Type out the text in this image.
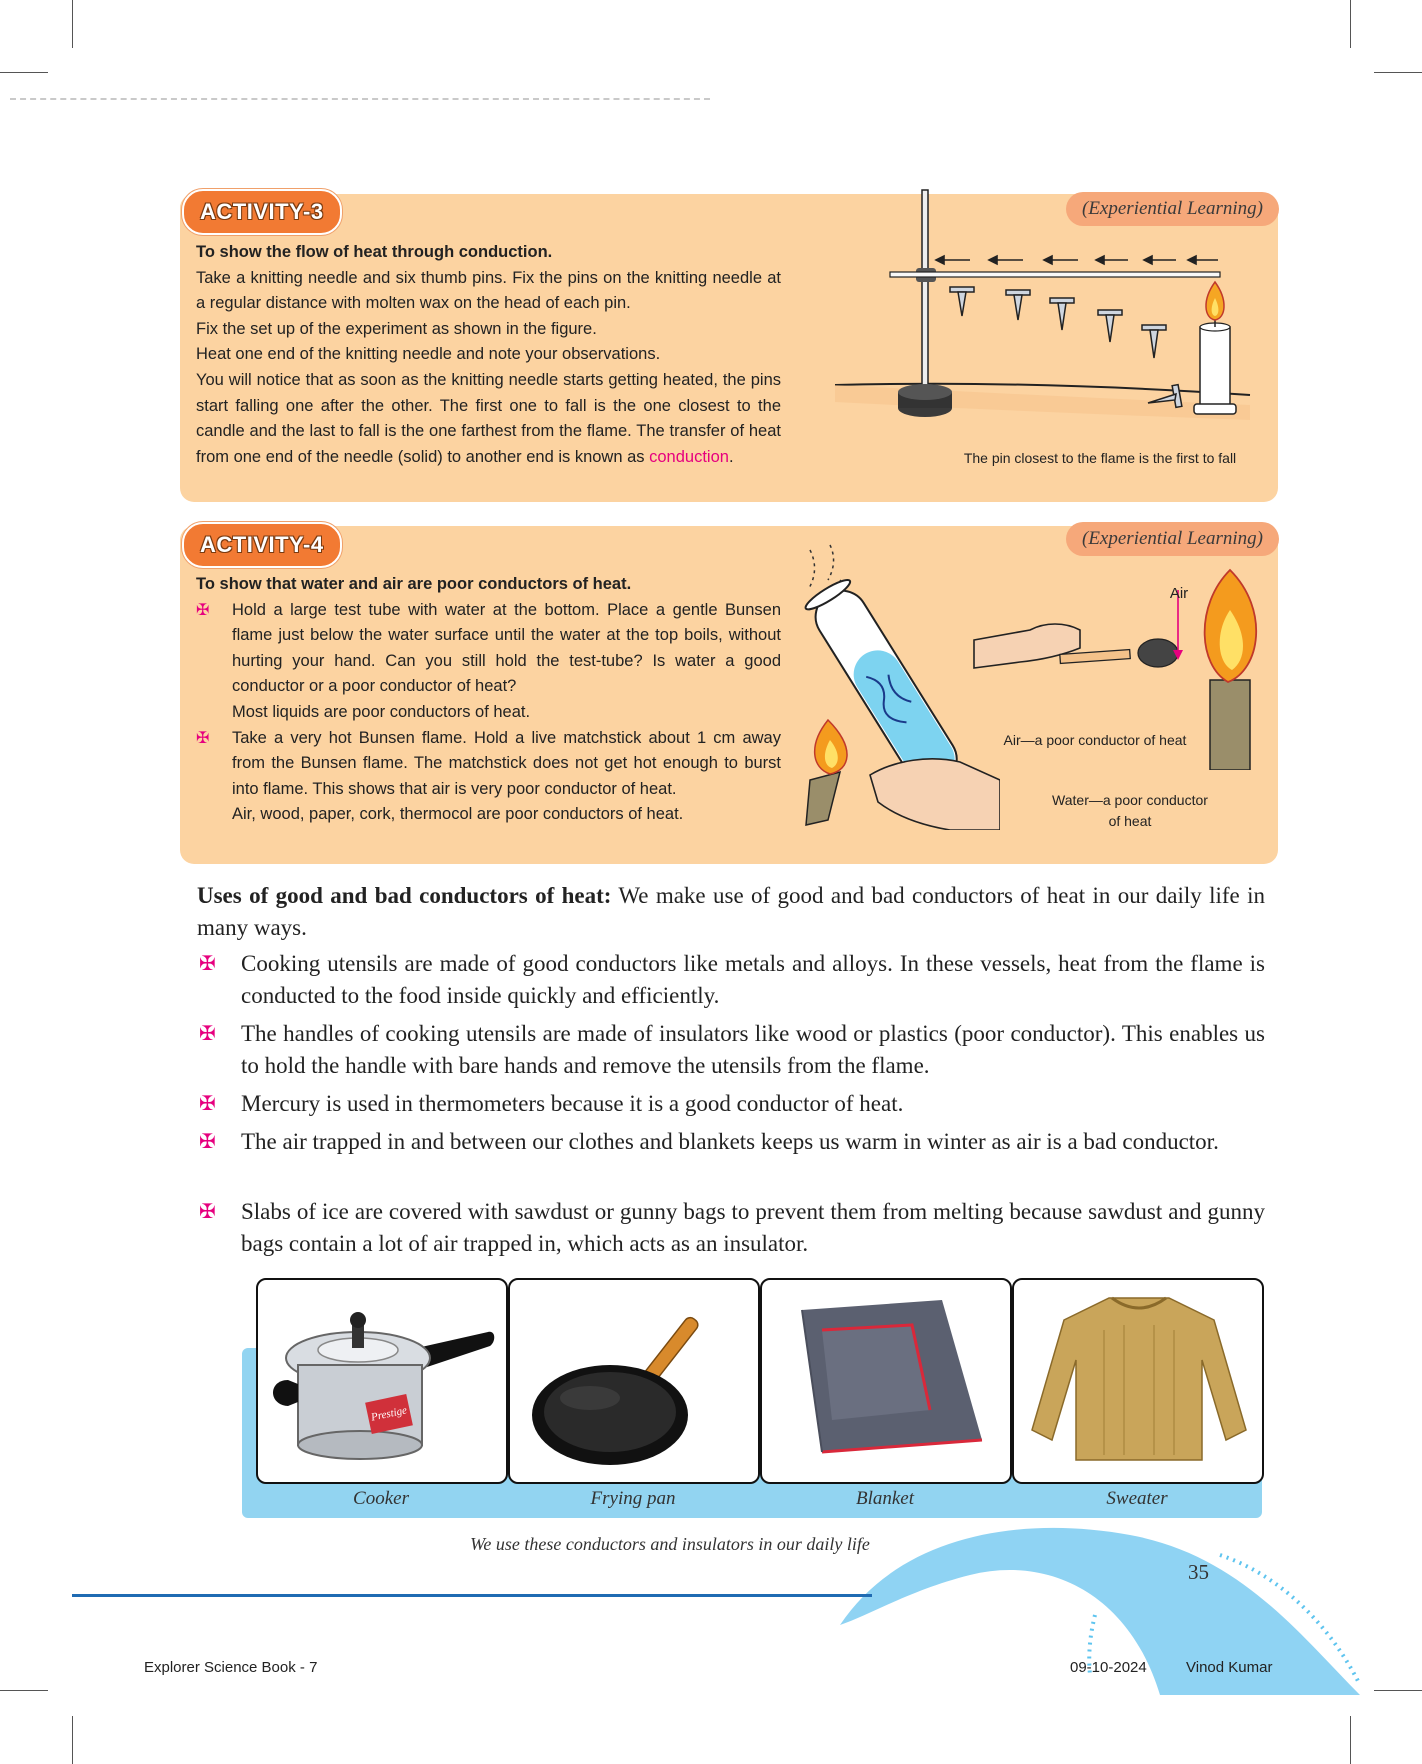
ACTIVITY-3	(Experiential Learning)

To show the flow of heat through conduction.

Take a knitting needle and six thumb pins. Fix the pins on the knitting needle at a regular distance with molten wax on the head of each pin.

Fix the set up of the experiment as shown in the figure.

Heat one end of the knitting needle and note your observations.

You will notice that as soon as the knitting needle starts getting heated, the pins start falling one after the other. The first one to fall is the one closest to the candle and the last to fall is the one farthest from the flame. The transfer of heat from one end of the needle (solid) to another end is known as conduction.	The pin closest to the flame is the first to fall
ACTIVITY-4	(Experiential Learning)

To show that water and air are poor conductors of heat.

✠ Hold a large test tube with water at the bottom. Place a gentle Bunsen flame just below the water surface until the water at the top boils, without hurting your hand. Can you still hold the test-tube? Is water a good conductor or a poor conductor of heat?

Most liquids are poor conductors of heat.

✠ Take a very hot Bunsen flame. Hold a live matchstick about 1 cm away from the Bunsen flame. The matchstick does not get hot enough to burst into flame. This shows that air is very poor conductor of heat.

Air, wood, paper, cork, thermocol are poor conductors of heat.

Air
Air—a poor conductor of heat
Water—a poor conductor
of heat
Uses of good and bad conductors of heat: We make use of good and bad conductors of heat in our daily life in many ways.
✠ Cooking utensils are made of good conductors like metals and alloys. In these vessels, heat from the flame is conducted to the food inside quickly and efficiently.
✠ The handles of cooking utensils are made of insulators like wood or plastics (poor conductor). This enables us to hold the handle with bare hands and remove the utensils from the flame.
✠ Mercury is used in thermometers because it is a good conductor of heat.
✠ The air trapped in and between our clothes and blankets keeps us warm in winter as air is a bad conductor.
✠ Slabs of ice are covered with sawdust or gunny bags to prevent them from melting because sawdust and gunny bags contain a lot of air trapped in, which acts as an insulator.
Prestige
Cooker	Frying pan	Blanket	Sweater
We use these conductors and insulators in our daily life
35
Explorer Science Book - 7	09-10-2024	Vinod Kumar
